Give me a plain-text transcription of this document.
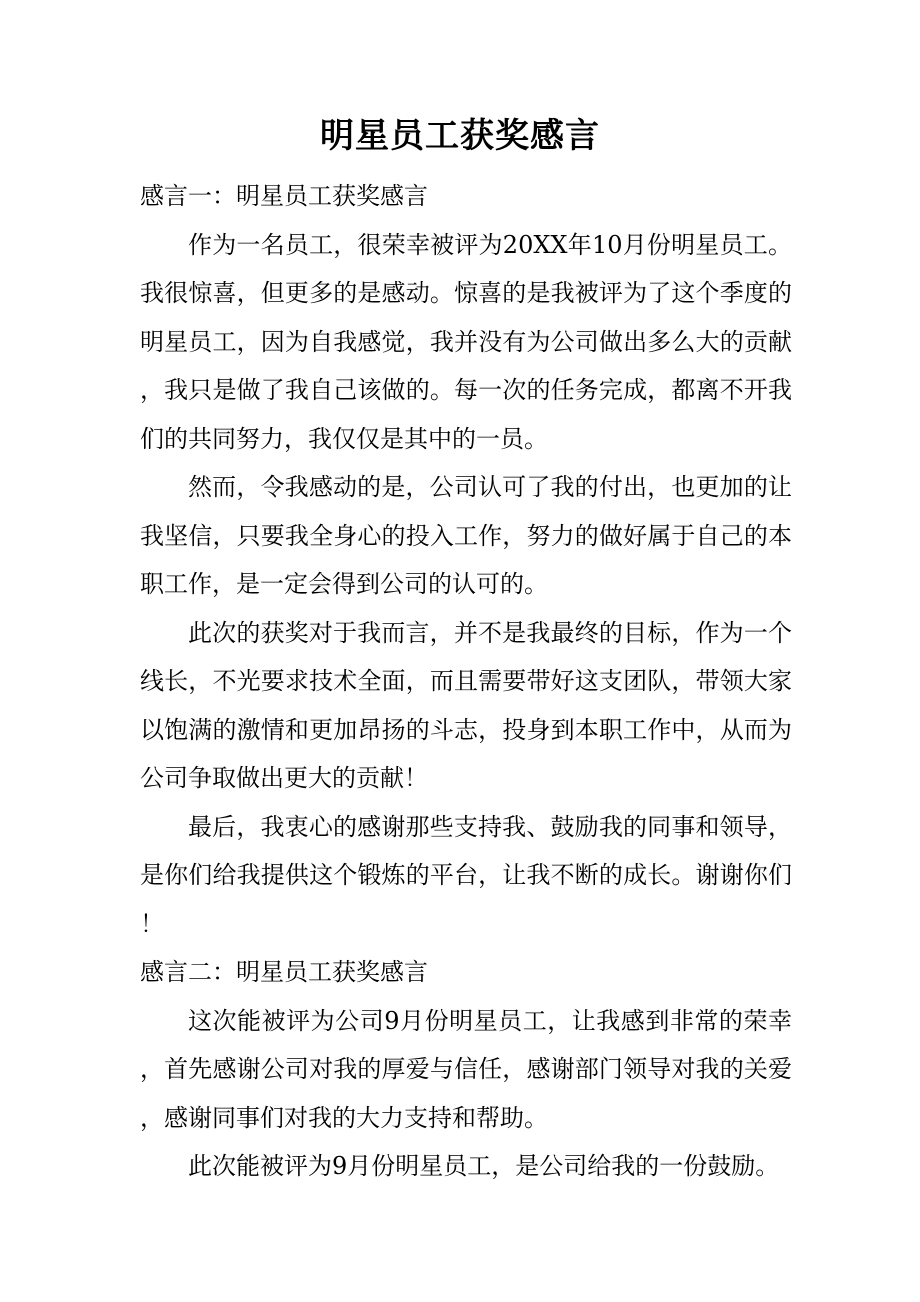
明星员工获奖感言

感言一：明星员工获奖感言

作为一名员工，很荣幸被评为20XX年10月份明星员工。我很惊喜，但更多的是感动。惊喜的是我被评为了这个季度的明星员工，因为自我感觉，我并没有为公司做出多么大的贡献，我只是做了我自己该做的。每一次的任务完成，都离不开我们的共同努力，我仅仅是其中的一员。

然而，令我感动的是，公司认可了我的付出，也更加的让我坚信，只要我全身心的投入工作，努力的做好属于自己的本职工作，是一定会得到公司的认可的。

此次的获奖对于我而言，并不是我最终的目标，作为一个线长，不光要求技术全面，而且需要带好这支团队，带领大家以饱满的激情和更加昂扬的斗志，投身到本职工作中，从而为公司争取做出更大的贡献！

最后，我衷心的感谢那些支持我、鼓励我的同事和领导，是你们给我提供这个锻炼的平台，让我不断的成长。谢谢你们！

感言二：明星员工获奖感言

这次能被评为公司9月份明星员工，让我感到非常的荣幸，首先感谢公司对我的厚爱与信任，感谢部门领导对我的关爱，感谢同事们对我的大力支持和帮助。

此次能被评为9月份明星员工，是公司给我的一份鼓励。
